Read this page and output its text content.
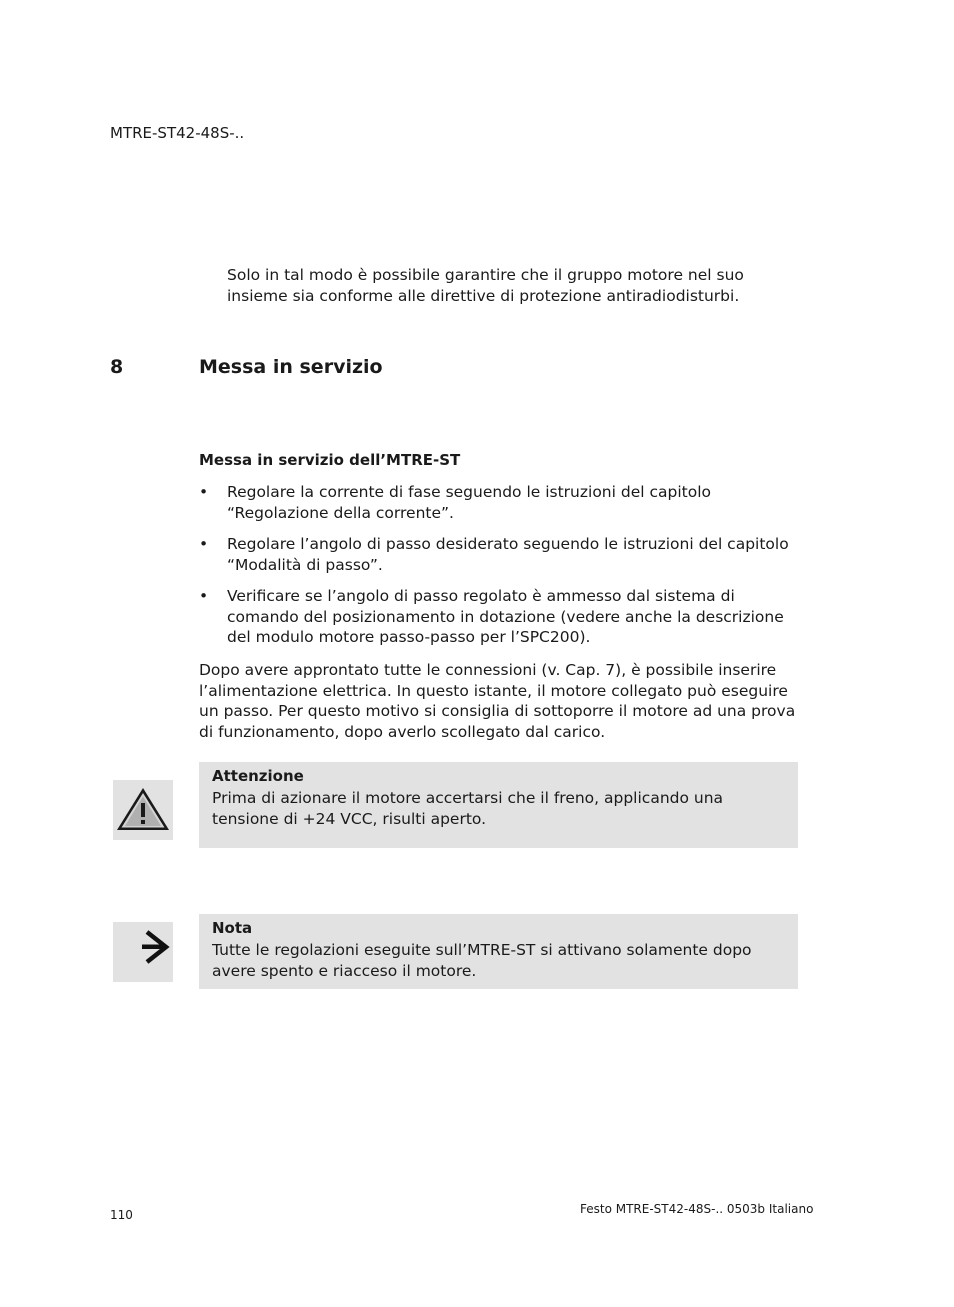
MTRE-ST42-48S-..
Solo in tal modo è possibile garantire che il gruppo motore nel suo insieme sia conforme alle direttive di protezione antiradiodisturbi.
8	Messa in servizio
Messa in servizio dell’MTRE-ST
• Regolare la corrente di fase seguendo le istruzioni del capitolo “Regolazione della corrente”.
• Regolare l’angolo di passo desiderato seguendo le istruzioni del capitolo “Modalità di passo”.
• Verificare se l’angolo di passo regolato è ammesso dal sistema di comando del posizionamento in dotazione (vedere anche la descrizione del modulo motore passo-passo per l’SPC200).
Dopo avere approntato tutte le connessioni (v. Cap. 7), è possibile inserire l’alimentazione elettrica. In questo istante, il motore collegato può eseguire un passo. Per questo motivo si consiglia di sottoporre il motore ad una prova di funzionamento, dopo averlo scollegato dal carico.
Attenzione
Prima di azionare il motore accertarsi che il freno, applicando una tensione di +24 VCC, risulti aperto.
Nota
Tutte le regolazioni eseguite sull’MTRE-ST si attivano solamente dopo avere spento e riacceso il motore.
110	Festo MTRE-ST42-48S-.. 0503b Italiano
